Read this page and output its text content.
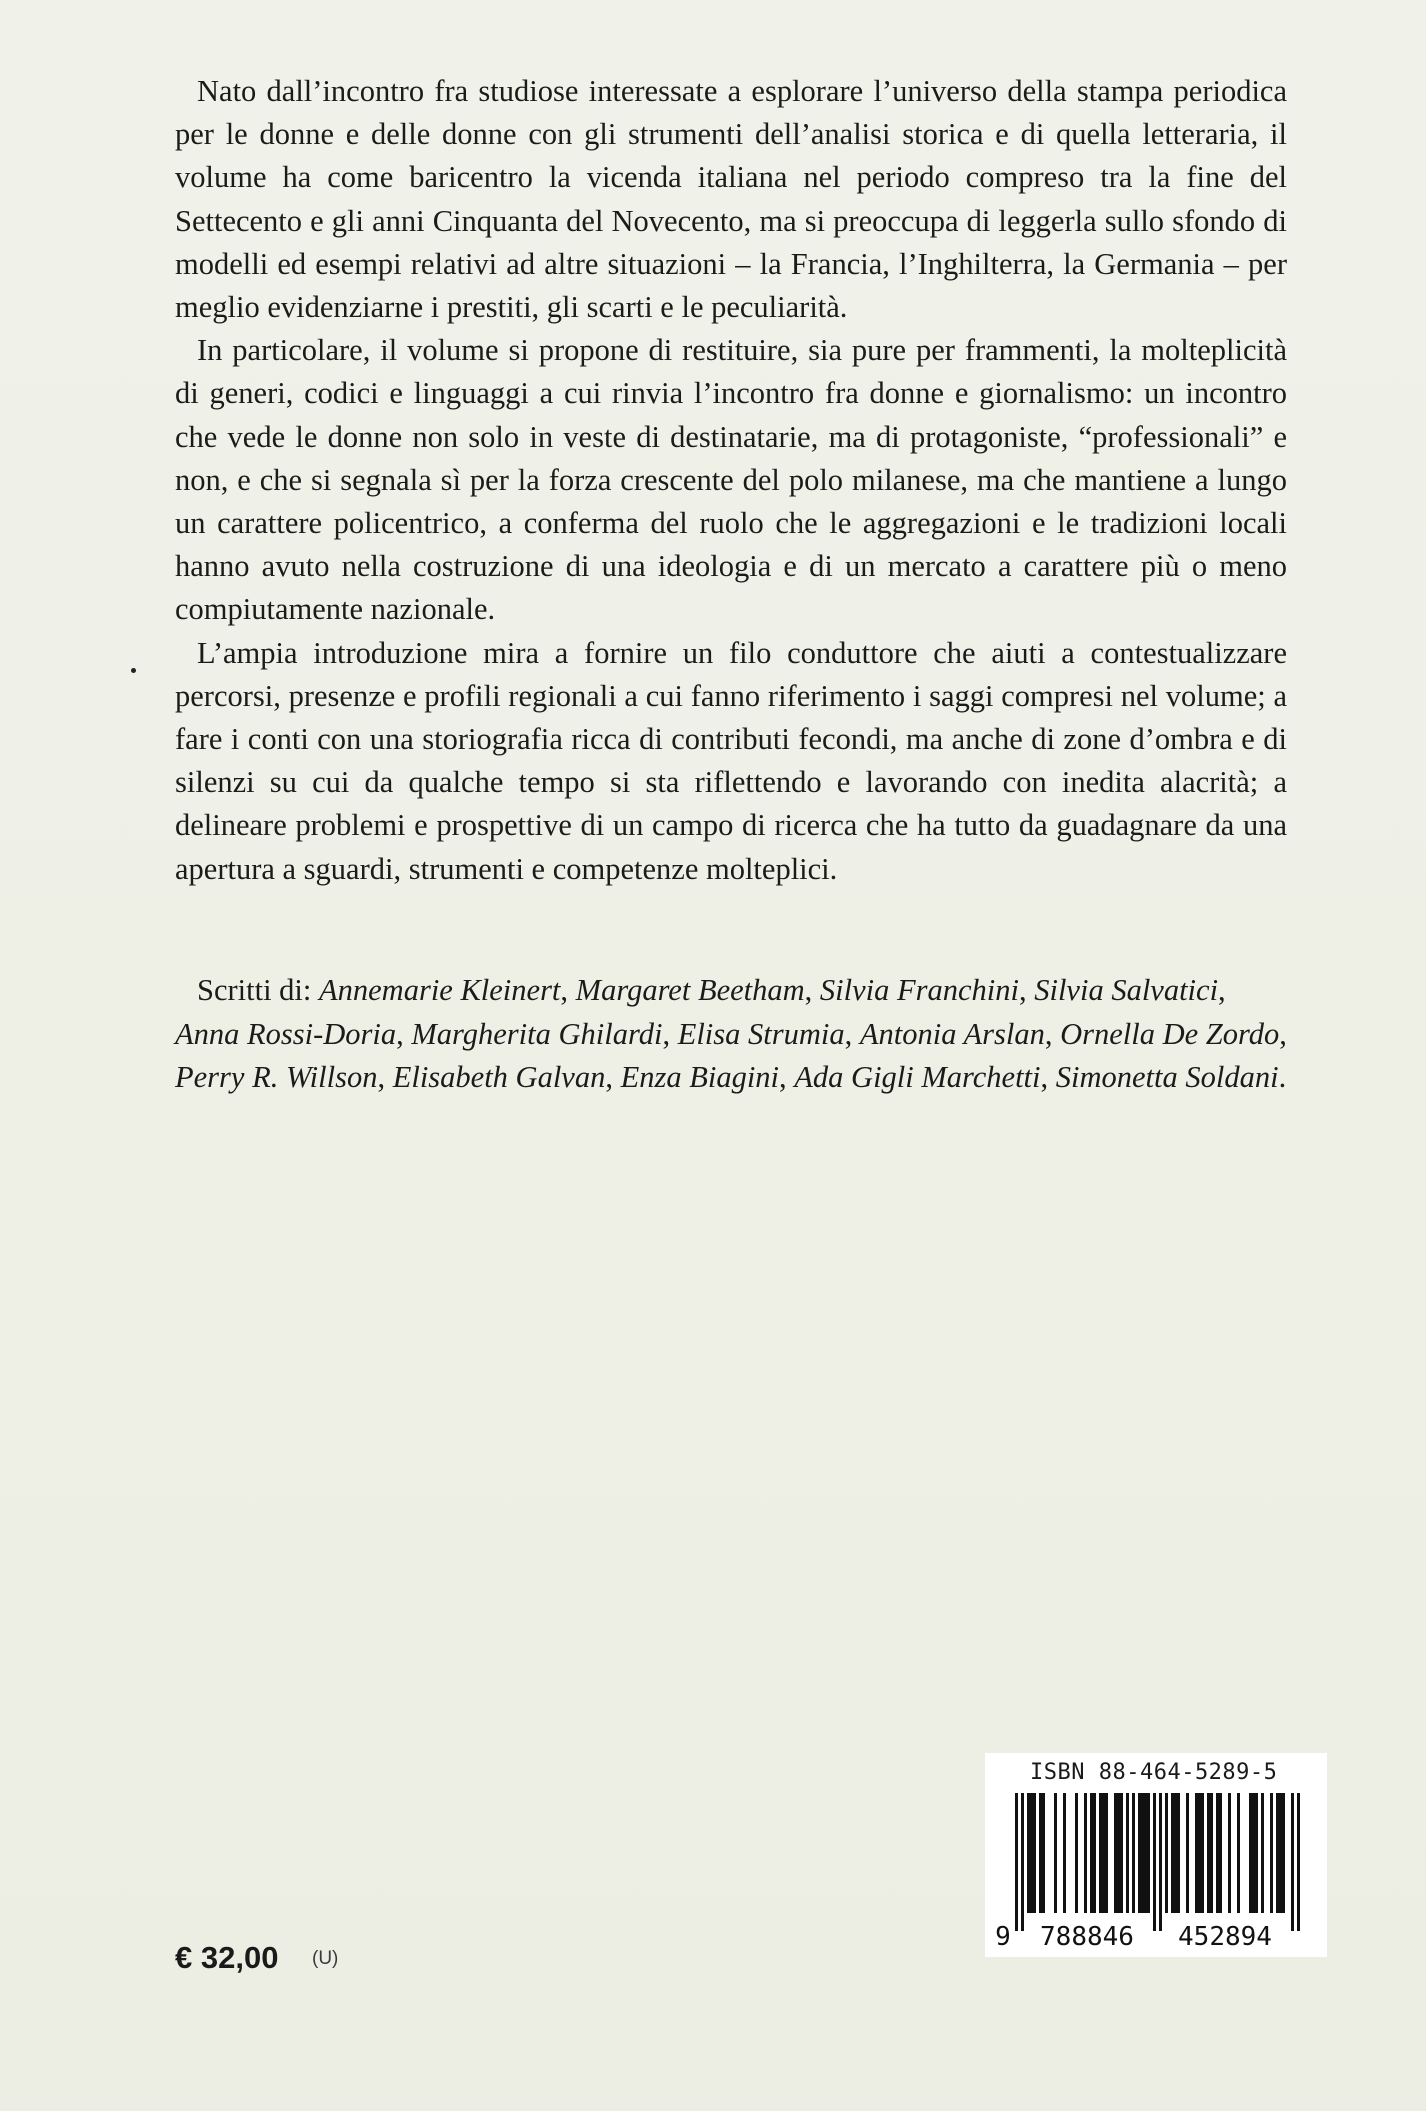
Nato dall’incontro fra studiose interessate a esplorare l’universo della stampa periodica per le donne e delle donne con gli strumenti dell’analisi storica e di quella letteraria, il volume ha come baricentro la vicenda italiana nel periodo compreso tra la fine del Settecento e gli anni Cinquanta del Novecento, ma si preoccupa di leggerla sullo sfondo di modelli ed esempi relativi ad altre situazioni – la Francia, l’Inghilterra, la Germania – per meglio evidenziarne i prestiti, gli scarti e le peculiarità.

In particolare, il volume si propone di restituire, sia pure per frammenti, la molteplicità di generi, codici e linguaggi a cui rinvia l’incontro fra donne e giornalismo: un incontro che vede le donne non solo in veste di destinatarie, ma di protagoniste, “professionali” e non, e che si segnala sì per la forza crescente del polo milanese, ma che mantiene a lungo un carattere policentrico, a conferma del ruolo che le aggregazioni e le tradizioni locali hanno avuto nella costruzione di una ideologia e di un mercato a carattere più o meno compiutamente nazionale.

L’ampia introduzione mira a fornire un filo conduttore che aiuti a contestualizzare percorsi, presenze e profili regionali a cui fanno riferimento i saggi compresi nel volume; a fare i conti con una storiografia ricca di contributi fecondi, ma anche di zone d’ombra e di silenzi su cui da qualche tempo si sta riflettendo e lavorando con inedita alacrità; a delineare problemi e prospettive di un campo di ricerca che ha tutto da guadagnare da una apertura a sguardi, strumenti e competenze molteplici.

Scritti di: Annemarie Kleinert, Margaret Beetham, Silvia Franchini, Silvia Salvatici, Anna Rossi-Doria, Margherita Ghilardi, Elisa Strumia, Antonia Arslan, Ornella De Zordo, Perry R. Willson, Elisabeth Galvan, Enza Biagini, Ada Gigli Marchetti, Simonetta Soldani.
ISBN 88-464-5289-5
9 788846 452894
€ 32,00 (U)
